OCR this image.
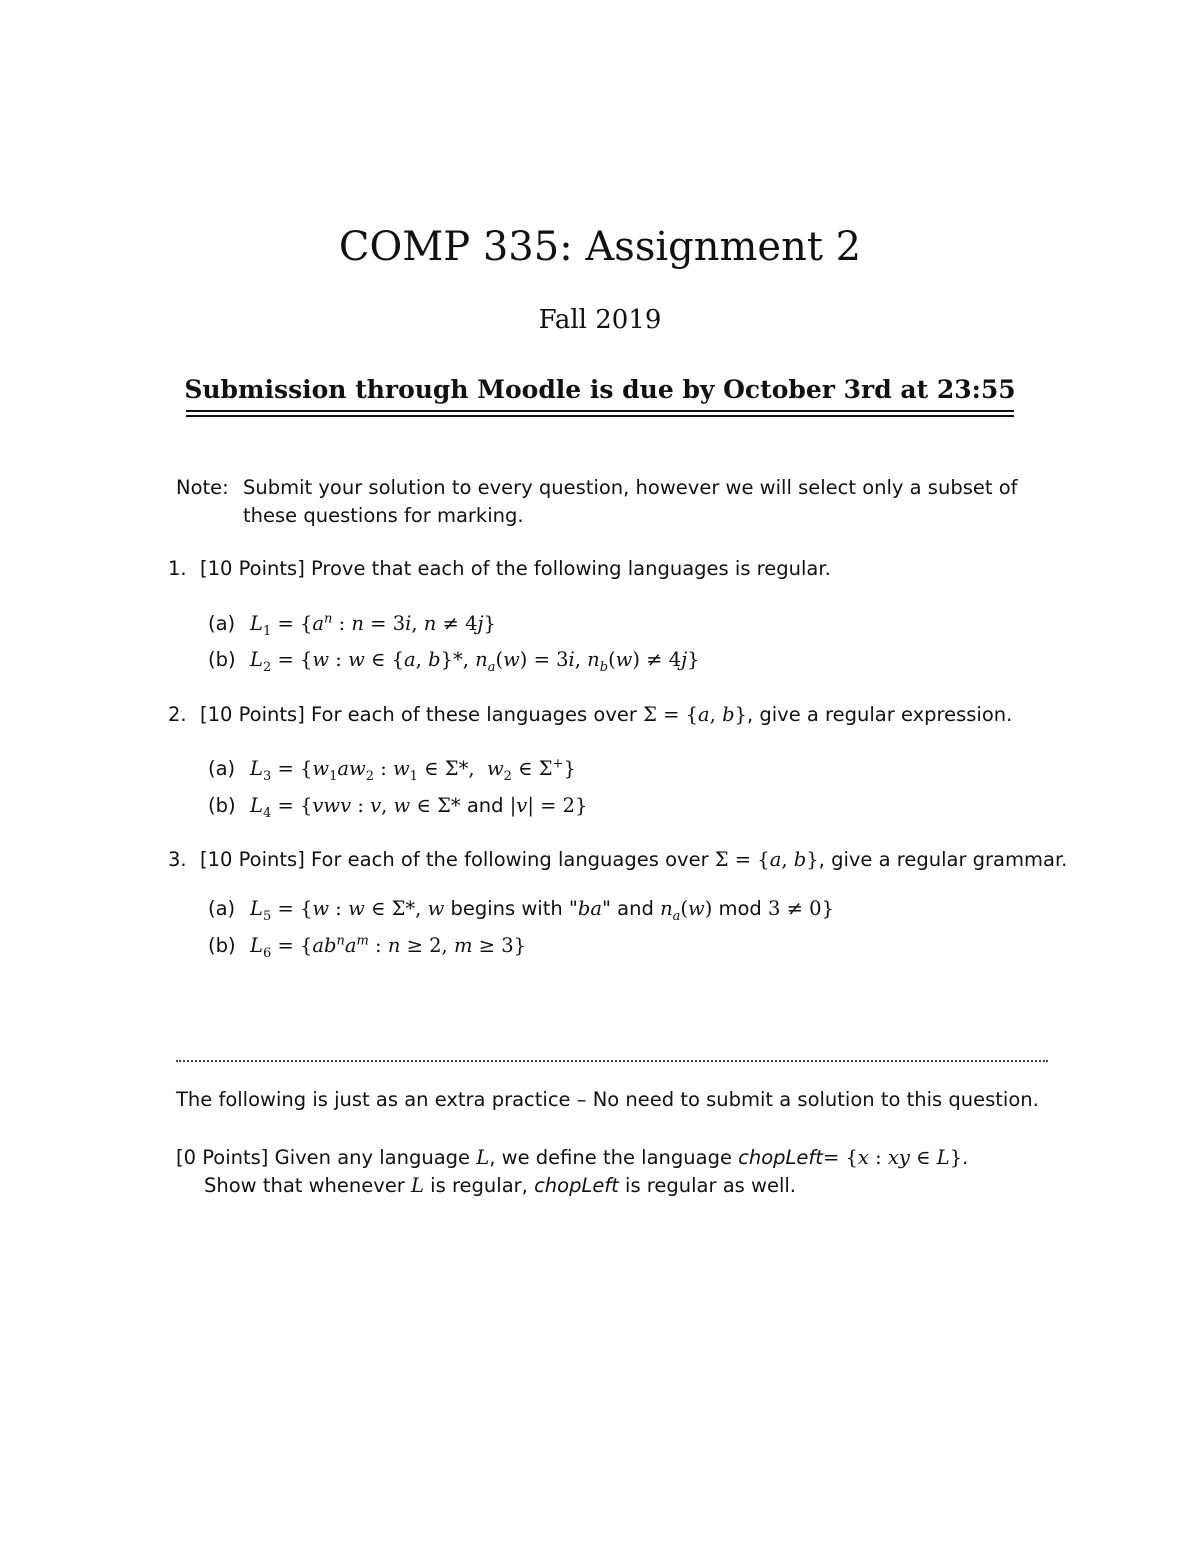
COMP 335: Assignment 2
Fall 2019
Submission through Moodle is due by October 3rd at 23:55
Note: Submit your solution to every question, however we will select only a subset of
these questions for marking.
1. [10 Points] Prove that each of the following languages is regular.
(a) $L_1 = \{a^n$ : n = 3i, n ≠ 4j}
(b) $L_2 = \{w$ : w ∈ {a, b}*, $n_a(w) = 3i$, $n_b(w) \ne 4j$}
2. [10 Points] For each of these languages over Σ = {a, b}, give a regular expression.
(a) $L_3 = \{w_1aw_2$ : $w_1$ ∈ Σ*, $w_2$ ∈ Σ+}
(b) $L_4 = \{vwv$ : v, w ∈ Σ* and |v| = 2}
3. [10 Points] For each of the following languages over Σ = {a, b}, give a regular grammar.
(a) $L_5 = \{w$ : w ∈ Σ*, w begins with "ba" and $n_a(w)$ mod 3 ≠ 0}
(b) $L_6 = \{ab^na^m$ : n ≥ 2, m ≥ 3}
The following is just as an extra practice – No need to submit a solution to this question.
[0 Points] Given any language L, we define the language chopLeft= {x : xy ∈ L}.
Show that whenever L is regular, chopLeft is regular as well.
